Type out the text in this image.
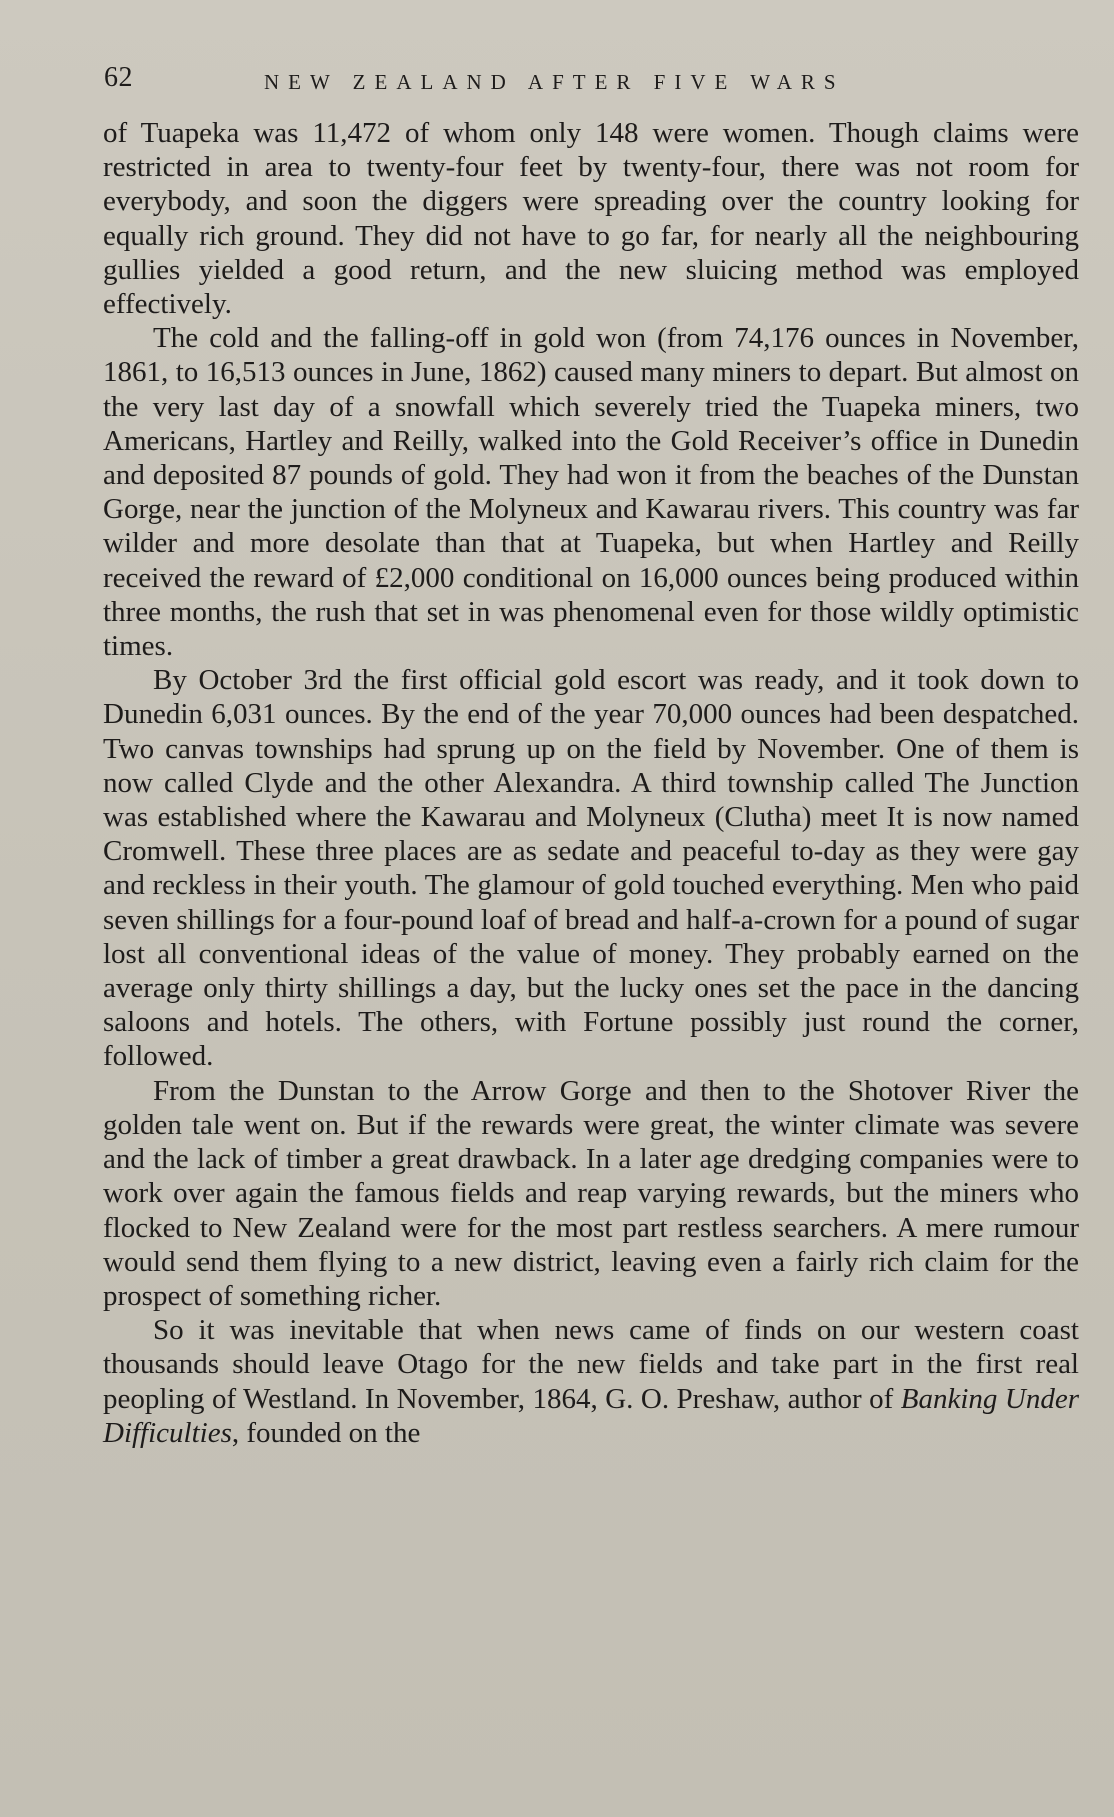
62	NEW ZEALAND AFTER FIVE WARS

of Tuapeka was 11,472 of whom only 148 were women. Though claims were restricted in area to twenty-four feet by twenty-four, there was not room for everybody, and soon the diggers were spreading over the country looking for equally rich ground. They did not have to go far, for nearly all the neighbouring gullies yielded a good return, and the new sluicing method was employed effectively.

The cold and the falling-off in gold won (from 74,176 ounces in November, 1861, to 16,513 ounces in June, 1862) caused many miners to depart. But almost on the very last day of a snowfall which severely tried the Tuapeka miners, two Americans, Hartley and Reilly, walked into the Gold Receiver’s office in Dunedin and deposited 87 pounds of gold. They had won it from the beaches of the Dunstan Gorge, near the junction of the Molyneux and Kawarau rivers. This country was far wilder and more desolate than that at Tuapeka, but when Hartley and Reilly received the reward of £2,000 conditional on 16,000 ounces being produced within three months, the rush that set in was phenomenal even for those wildly optimistic times.

By October 3rd the first official gold escort was ready, and it took down to Dunedin 6,031 ounces. By the end of the year 70,000 ounces had been despatched. Two canvas townships had sprung up on the field by November. One of them is now called Clyde and the other Alexandra. A third township called The Junction was established where the Kawarau and Molyneux (Clutha) meet It is now named Cromwell. These three places are as sedate and peaceful to-day as they were gay and reckless in their youth. The glamour of gold touched everything. Men who paid seven shillings for a four-pound loaf of bread and half-a-crown for a pound of sugar lost all conventional ideas of the value of money. They probably earned on the average only thirty shillings a day, but the lucky ones set the pace in the dancing saloons and hotels. The others, with Fortune possibly just round the corner, followed.

From the Dunstan to the Arrow Gorge and then to the Shotover River the golden tale went on. But if the rewards were great, the winter climate was severe and the lack of timber a great drawback. In a later age dredging companies were to work over again the famous fields and reap varying rewards, but the miners who flocked to New Zealand were for the most part restless searchers. A mere rumour would send them flying to a new district, leaving even a fairly rich claim for the prospect of something richer.

So it was inevitable that when news came of finds on our western coast thousands should leave Otago for the new fields and take part in the first real peopling of Westland. In November, 1864, G. O. Preshaw, author of Banking Under Difficulties, founded on the
